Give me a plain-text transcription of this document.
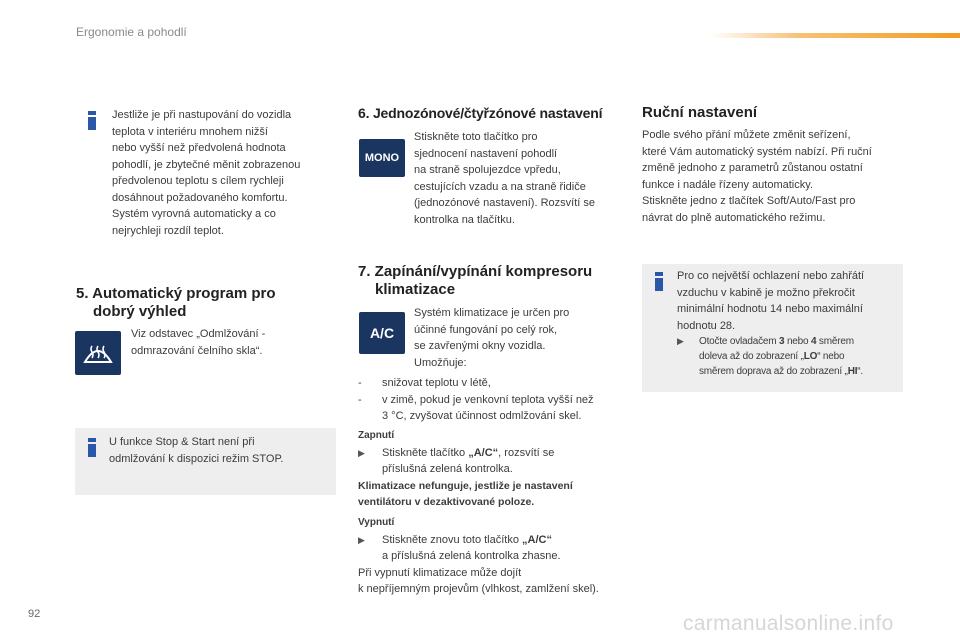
Ergonomie a pohodlí
Jestliže je při nastupování do vozidla
teplota v interiéru mnohem nižší
nebo vyšší než předvolená hodnota
pohodlí, je zbytečné měnit zobrazenou
předvolenou teplotu s cílem rychleji
dosáhnout požadovaného komfortu.
Systém vyrovná automaticky a co
nejrychleji rozdíl teplot.
5. Automatický program pro
dobrý výhled
Viz odstavec „Odmlžování -
odmrazování čelního skla“.
U funkce Stop & Start není při
odmlžování k dispozici režim STOP.
6. Jednozónové/čtyřzónové nastavení
MONO
Stiskněte toto tlačítko pro
sjednocení nastavení pohodlí
na straně spolujezdce vpředu,
cestujících vzadu a na straně řidiče
(jednozónové nastavení). Rozsvítí se
kontrolka na tlačítku.
7. Zapínání/vypínání kompresoru
klimatizace
A/C
Systém klimatizace je určen pro
účinné fungování po celý rok,
se zavřenými okny vozidla.
Umožňuje:
- snižovat teplotu v létě,
- v zimě, pokud je venkovní teplota vyšší než
3 °C, zvyšovat účinnost odmlžování skel.
Zapnutí
▶ Stiskněte tlačítko „A/C“, rozsvítí se
příslušná zelená kontrolka.
Klimatizace nefunguje, jestliže je nastavení
ventilátoru v dezaktivované poloze.
Vypnutí
▶ Stiskněte znovu toto tlačítko „A/C“
a příslušná zelená kontrolka zhasne.
Při vypnutí klimatizace může dojít
k nepříjemným projevům (vlhkost, zamlžení skel).
Ruční nastavení
Podle svého přání můžete změnit seřízení,
které Vám automatický systém nabízí. Při ruční
změně jednoho z parametrů zůstanou ostatní
funkce i nadále řízeny automaticky.
Stiskněte jedno z tlačítek Soft/Auto/Fast pro
návrat do plně automatického režimu.
Pro co největší ochlazení nebo zahřátí
vzduchu v kabině je možno překročit
minimální hodnotu 14 nebo maximální
hodnotu 28.
▶ Otočte ovladačem 3 nebo 4 směrem
doleva až do zobrazení „LO“ nebo
směrem doprava až do zobrazení „HI“.
92	carmanualsonline.info
